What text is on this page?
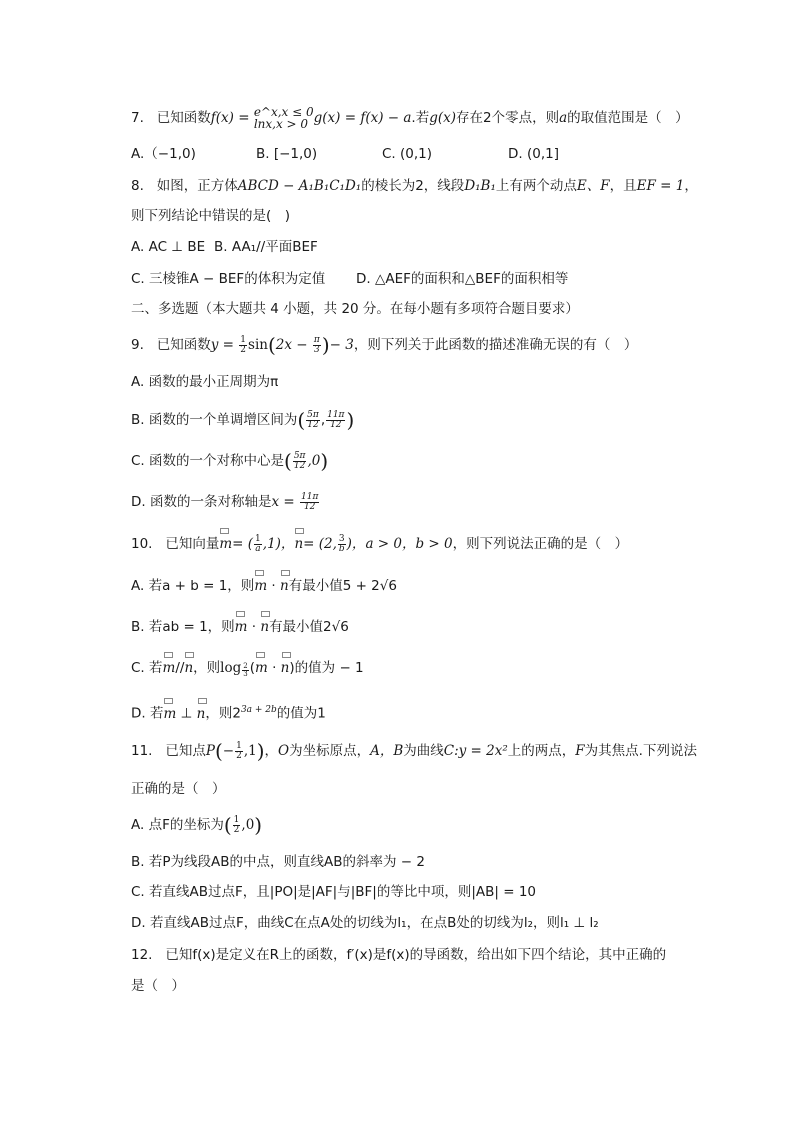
7. 已知函数f(x) = e^x,x ≤ 0
lnx,x > 0 g(x) = f(x) − a.若g(x)存在2个零点，则a的取值范围是（　）
A.（−1,0)	B. [−1,0)	C. (0,1)	D. (0,1]
8. 如图，正方体ABCD − A₁B₁C₁D₁的棱长为2，线段D₁B₁上有两个动点E、F，且EF = 1，
则下列结论中错误的是(　)
A. AC ⊥ BE B. AA₁//平面BEF
C. 三棱锥A − BEF的体积为定值 D. △AEF的面积和△BEF的面积相等
二、多选题（本大题共 4 小题，共 20 分。在每小题有多项符合题目要求）
9. 已知函数$y = \frac{1}{2} \sin(2x - \frac{\pi}{3}$ )− 3，则下列关于此函数的描述准确无误的有（　）
A. 函数的最小正周期为π
B. 函数的一个单调增区间为( $\frac{5\pi}{12}$ , $\frac{11\pi}{12}$ )
C. 函数的一个对称中心是( $\frac{5\pi}{12} ,0$)
D. 函数的一条对称轴是$x = \frac{11\pi}{12}$
10. 已知向量
m= ( $\frac{1}{a} ,1$)，
n= (2, $\frac{3}{b}$ )，a > 0，b > 0，则下列说法正确的是（　）
A. 若a + b = 1，则
m ·
n有最小值5 + 2√6
B. 若ab = 1，则
m ·
n有最小值2√6
C. 若
m//
n，则$\log \frac{2}{3}$ (
m ·
n)的值为 − 1
D. 若
m ⊥
n，则$2^{3a + 2b}$的值为1
11. 已知点$P(- \frac{1}{2} ,1)$，O为坐标原点，A，B为曲线C:y = 2x²上的两点，F为其焦点.下列说法
正确的是（　）
A. 点F的坐标为( $\frac{1}{2} ,0$)
B. 若P为线段AB的中点，则直线AB的斜率为 − 2
C. 若直线AB过点F，且|PO|是|AF|与|BF|的等比中项，则|AB| = 10
D. 若直线AB过点F，曲线C在点A处的切线为l₁，在点B处的切线为l₂，则l₁ ⊥ l₂
12. 已知f(x)是定义在R上的函数，f′(x)是f(x)的导函数，给出如下四个结论，其中正确的
是（　）
